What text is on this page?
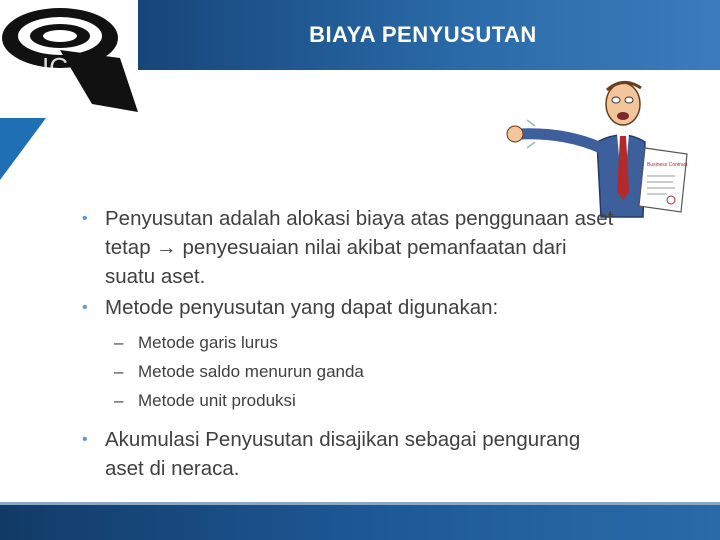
BIAYA PENYUSUTAN
IC
Business Contract
• Penyusutan adalah alokasi biaya atas penggunaan aset tetap → penyesuaian nilai akibat pemanfaatan dari suatu aset.
• Metode penyusutan yang dapat digunakan:
– Metode garis lurus
– Metode saldo menurun ganda
– Metode unit produksi
• Akumulasi Penyusutan disajikan sebagai pengurang aset di neraca.
